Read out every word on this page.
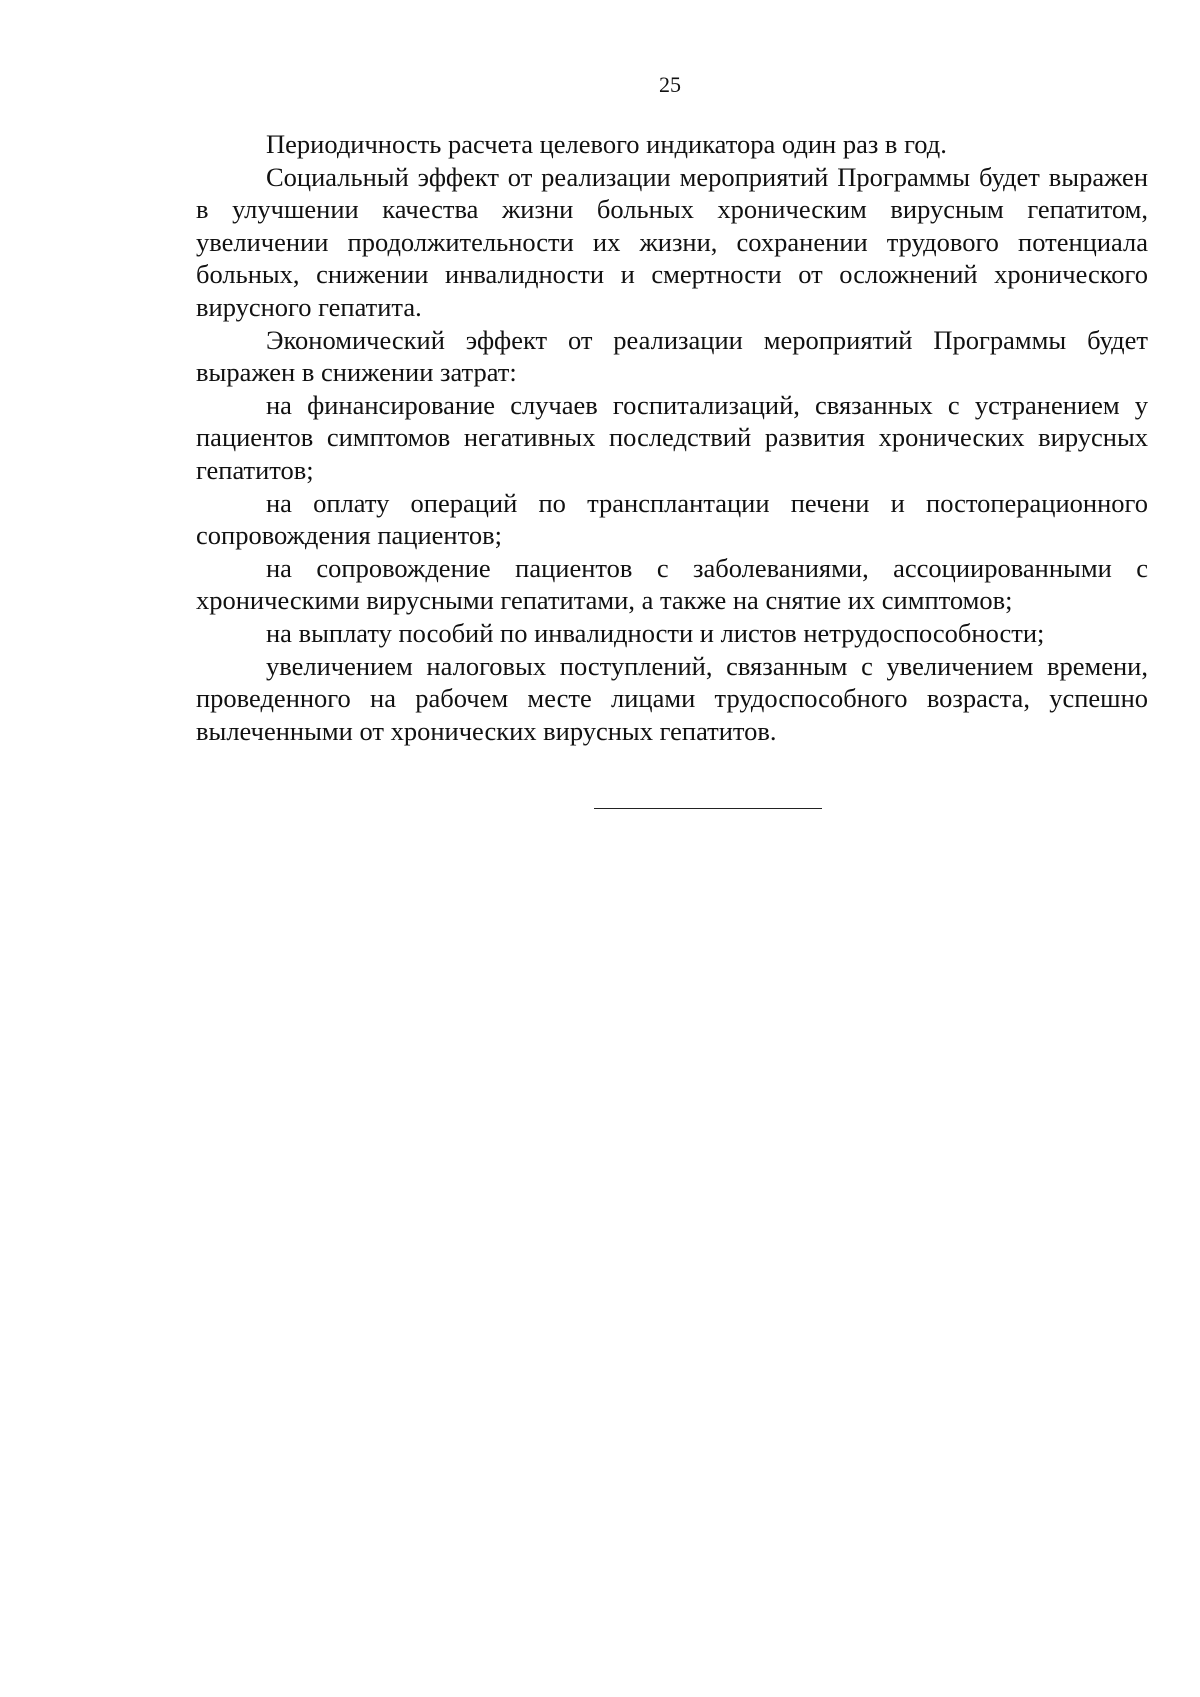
25

Периодичность расчета целевого индикатора один раз в год.

Социальный эффект от реализации мероприятий Программы будет выражен в улучшении качества жизни больных хроническим вирусным гепатитом, увеличении продолжительности их жизни, сохранении трудового потенциала больных, снижении инвалидности и смертности от осложнений хронического вирусного гепатита.

Экономический эффект от реализации мероприятий Программы будет выражен в снижении затрат:

на финансирование случаев госпитализаций, связанных с устранением у пациентов симптомов негативных последствий развития хронических вирусных гепатитов;

на оплату операций по трансплантации печени и постоперационного сопровождения пациентов;

на сопровождение пациентов с заболеваниями, ассоциированными с хроническими вирусными гепатитами, а также на снятие их симптомов;

на выплату пособий по инвалидности и листов нетрудоспособности;

увеличением налоговых поступлений, связанным с увеличением времени, проведенного на рабочем месте лицами трудоспособного возраста, успешно вылеченными от хронических вирусных гепатитов.
